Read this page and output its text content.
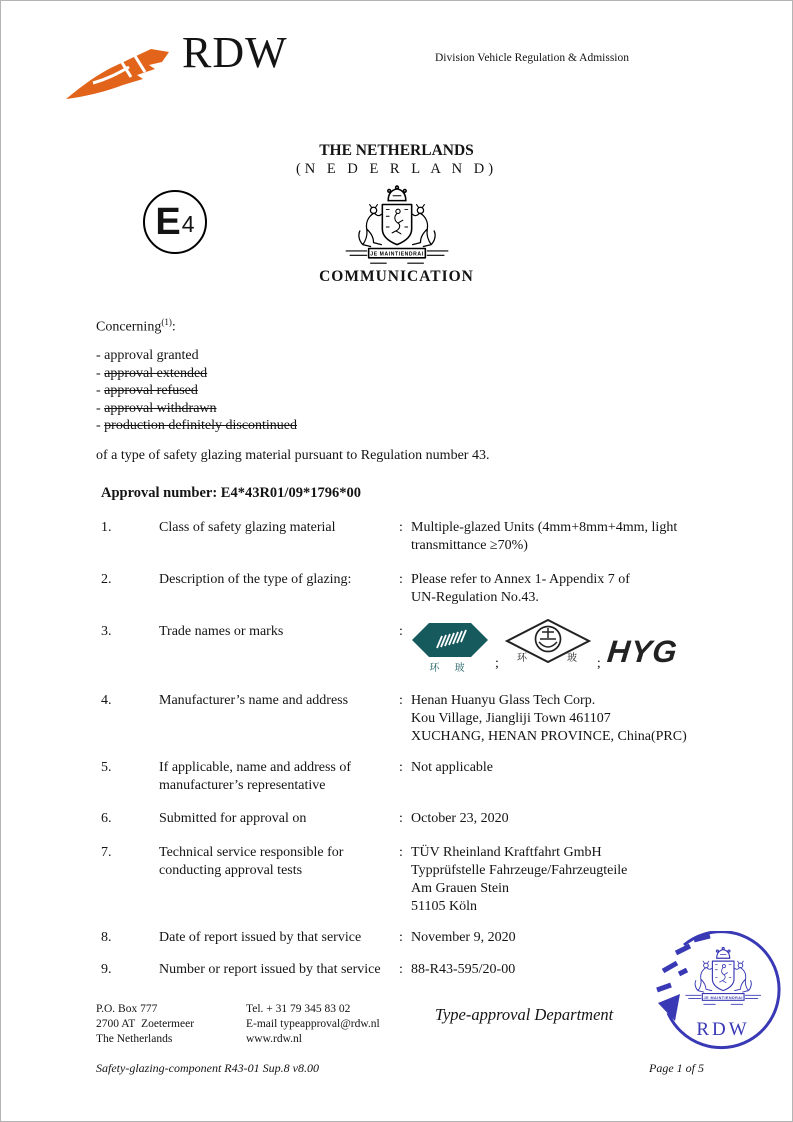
RDW	Division Vehicle Regulation & Admission
THE NETHERLANDS
(N E D E R L A N D)
E 4
JE MAINTIENDRAI
COMMUNICATION
Concerning$^{(1)}$:
- approval granted
- approval extended
- approval refused
- approval withdrawn
- production definitely discontinued
of a type of safety glazing material pursuant to Regulation number 43.
Approval number: E4*43R01/09*1796*00
1.	Class of safety glazing material	: Multiple-glazed Units (4mm+8mm+4mm, light
transmittance ≥70%)
2.	Description of the type of glazing:	: Please refer to Annex 1- Appendix 7 of
UN-Regulation No.43.
3.	Trade names or marks	:
环 玻 ; 环	玻 ; HYG
4.	Manufacturer’s name and address	: Henan Huanyu Glass Tech Corp.
Kou Village, Jiangliji Town 461107
XUCHANG, HENAN PROVINCE, China(PRC)
5.	If applicable, name and address of
manufacturer’s representative
: Not applicable
6.	Submitted for approval on	: October 23, 2020
7.	Technical service responsible for
conducting approval tests
: TÜV Rheinland Kraftfahrt GmbH
Typprüfstelle Fahrzeuge/Fahrzeugteile
Am Grauen Stein
51105 Köln
8.	Date of report issued by that service	: November 9, 2020
9.	Number or report issued by that service	: 88-R43-595/20-00
P.O. Box 777
2700 AT  Zoetermeer
The Netherlands
Tel. + 31 79 345 83 02
E-mail typeapproval@rdw.nl
www.rdw.nl
Type-approval Department
RDW
Safety-glazing-component R43-01 Sup.8 v8.00	Page 1 of 5
